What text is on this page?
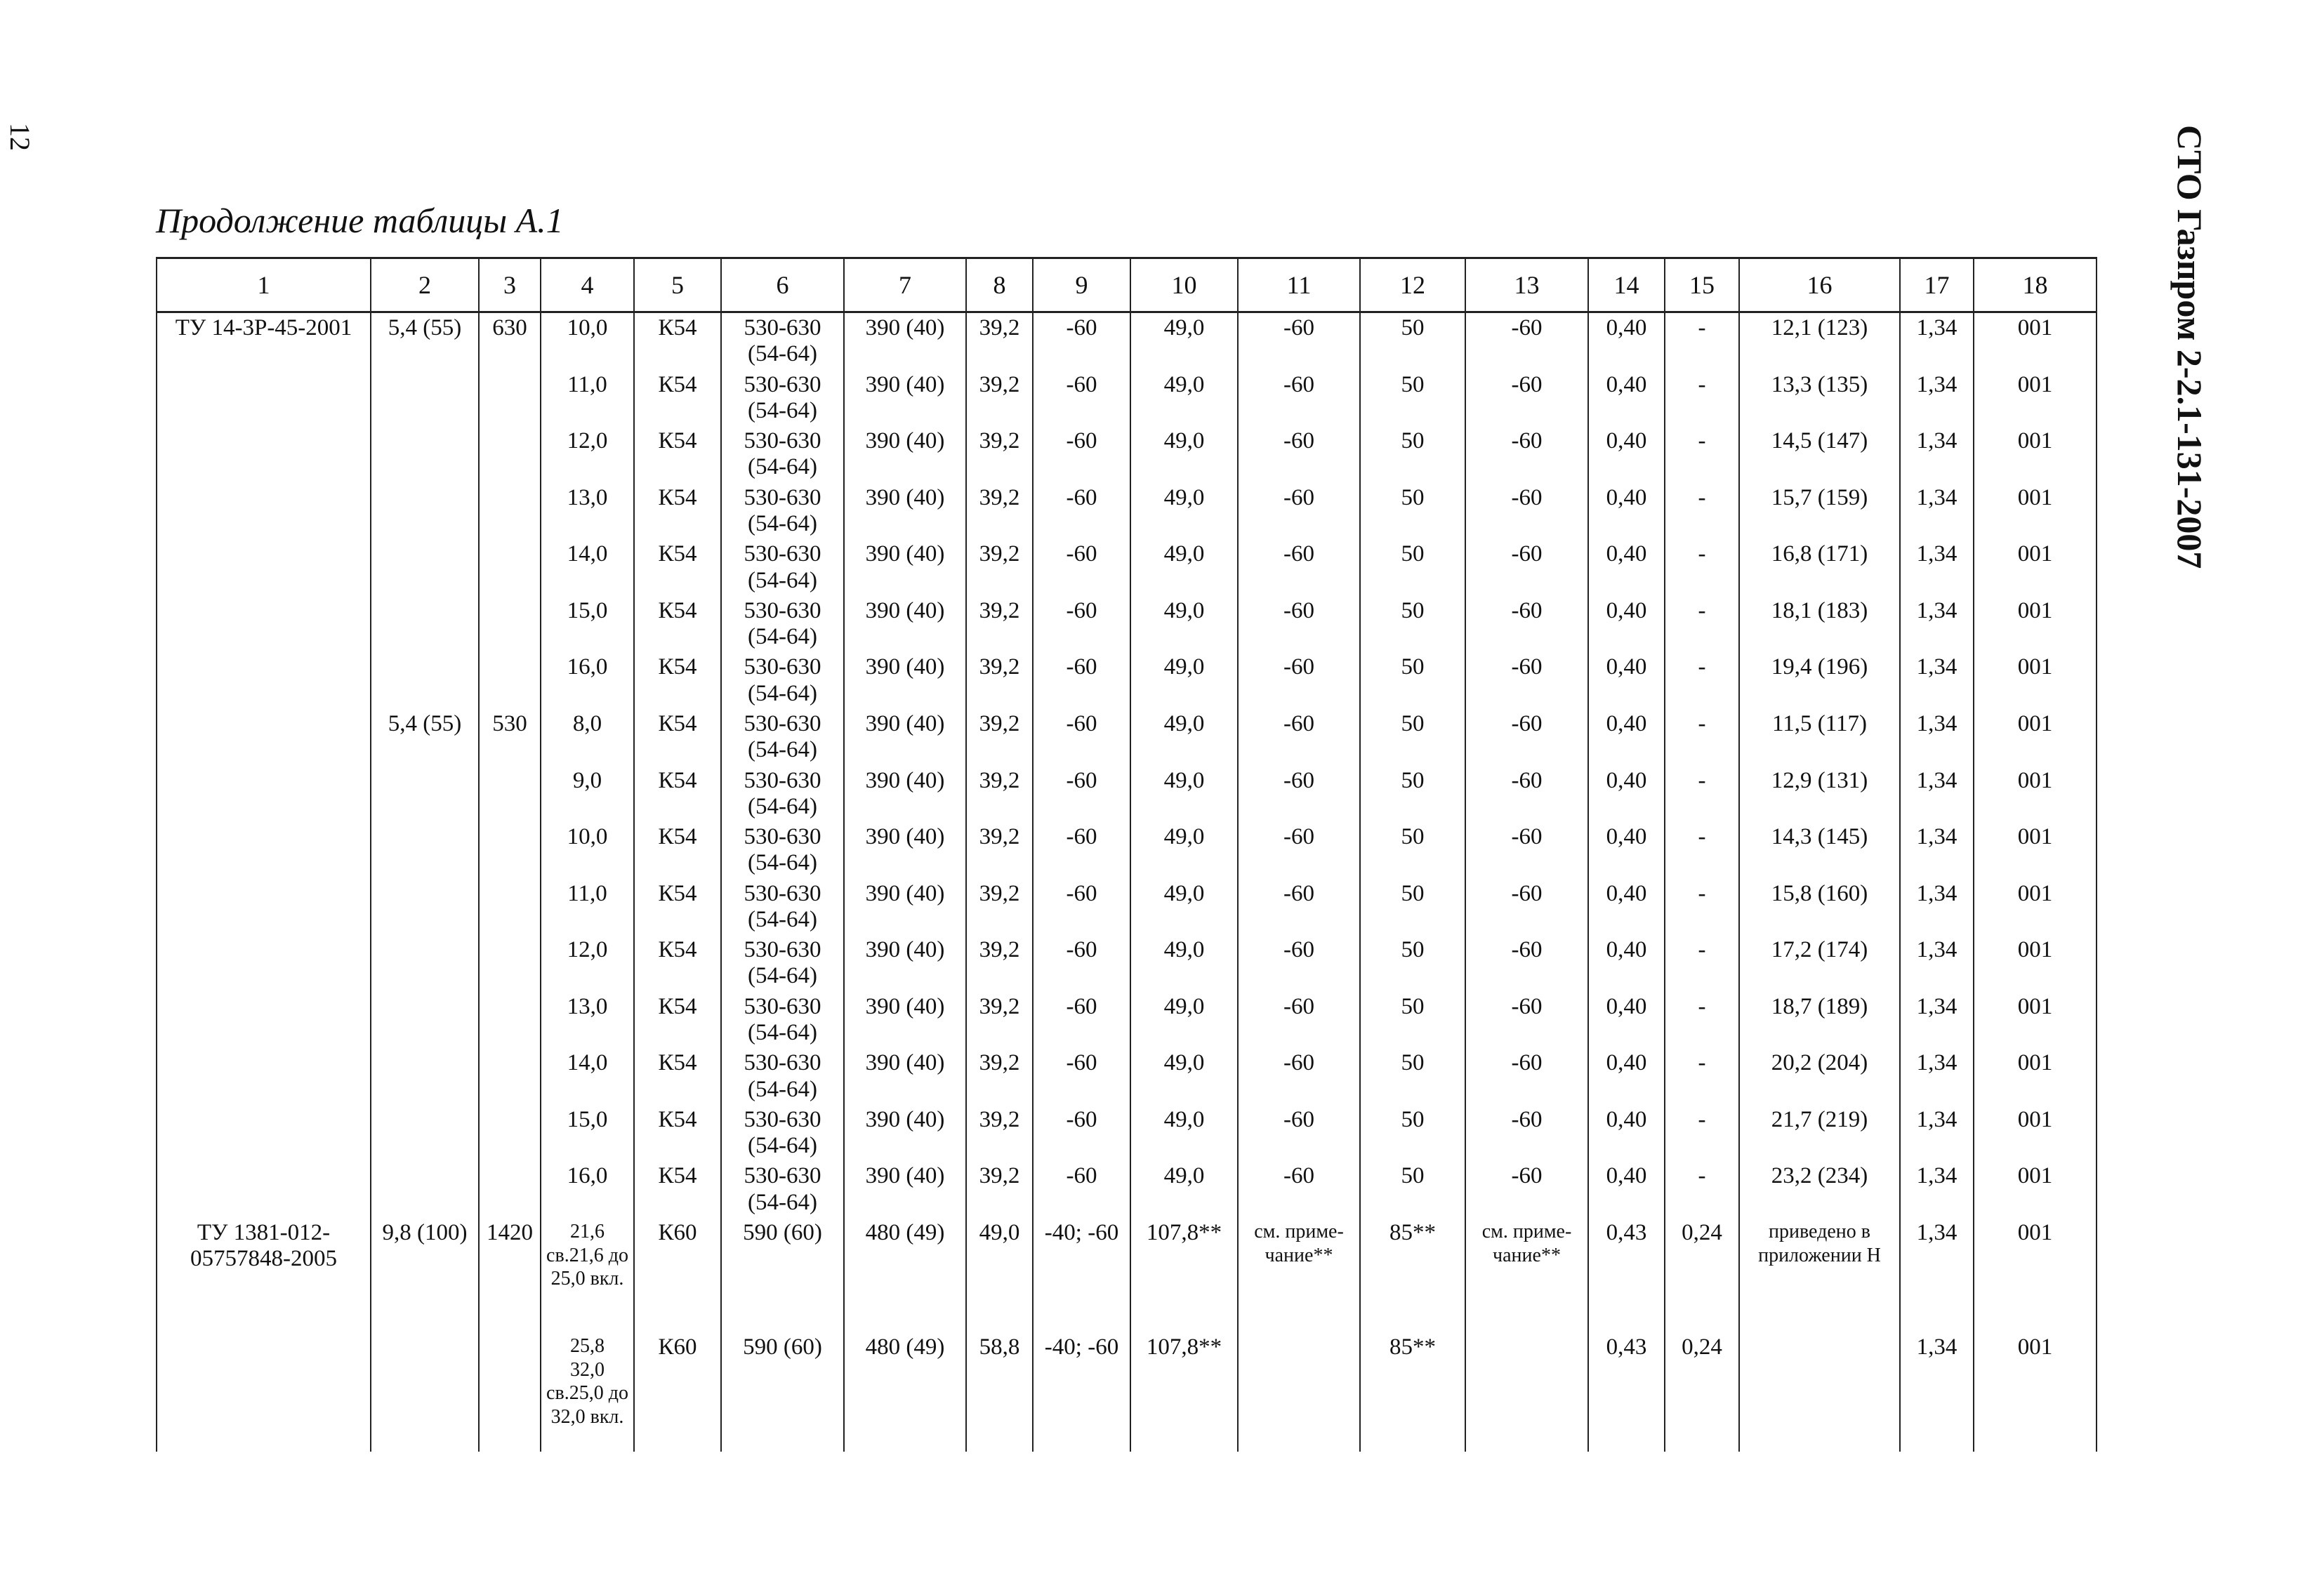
12	СТО Газпром 2-2.1-131-2007
Продолжение таблицы А.1
1	2	3	4	5	6	7	8	9	10	11	12	13	14	15	16	17	18
ТУ 14-3Р-45-2001	5,4 (55)	630	10,0	К54	530-630
(54-64)	390 (40)	39,2	-60	49,0	-60	50	-60	0,40	-	12,1 (123)	1,34	001
			11,0	К54	530-630
(54-64)	390 (40)	39,2	-60	49,0	-60	50	-60	0,40	-	13,3 (135)	1,34	001
			12,0	К54	530-630
(54-64)	390 (40)	39,2	-60	49,0	-60	50	-60	0,40	-	14,5 (147)	1,34	001
			13,0	К54	530-630
(54-64)	390 (40)	39,2	-60	49,0	-60	50	-60	0,40	-	15,7 (159)	1,34	001
			14,0	К54	530-630
(54-64)	390 (40)	39,2	-60	49,0	-60	50	-60	0,40	-	16,8 (171)	1,34	001
			15,0	К54	530-630
(54-64)	390 (40)	39,2	-60	49,0	-60	50	-60	0,40	-	18,1 (183)	1,34	001
			16,0	К54	530-630
(54-64)	390 (40)	39,2	-60	49,0	-60	50	-60	0,40	-	19,4 (196)	1,34	001
	5,4 (55)	530	8,0	К54	530-630
(54-64)	390 (40)	39,2	-60	49,0	-60	50	-60	0,40	-	11,5 (117)	1,34	001
			9,0	К54	530-630
(54-64)	390 (40)	39,2	-60	49,0	-60	50	-60	0,40	-	12,9 (131)	1,34	001
			10,0	К54	530-630
(54-64)	390 (40)	39,2	-60	49,0	-60	50	-60	0,40	-	14,3 (145)	1,34	001
			11,0	К54	530-630
(54-64)	390 (40)	39,2	-60	49,0	-60	50	-60	0,40	-	15,8 (160)	1,34	001
			12,0	К54	530-630
(54-64)	390 (40)	39,2	-60	49,0	-60	50	-60	0,40	-	17,2 (174)	1,34	001
			13,0	К54	530-630
(54-64)	390 (40)	39,2	-60	49,0	-60	50	-60	0,40	-	18,7 (189)	1,34	001
			14,0	К54	530-630
(54-64)	390 (40)	39,2	-60	49,0	-60	50	-60	0,40	-	20,2 (204)	1,34	001
			15,0	К54	530-630
(54-64)	390 (40)	39,2	-60	49,0	-60	50	-60	0,40	-	21,7 (219)	1,34	001
			16,0	К54	530-630
(54-64)	390 (40)	39,2	-60	49,0	-60	50	-60	0,40	-	23,2 (234)	1,34	001
ТУ 1381-012-
05757848-2005	9,8 (100)	1420	21,6
св.21,6 до
25,0 вкл.	К60	590 (60)	480 (49)	49,0	-40; -60	107,8**	см. приме-
чание**	85**	см. приме-
чание**	0,43	0,24	приведено в
приложении Н	1,34	001
			25,8
32,0
св.25,0 до
32,0 вкл.	К60	590 (60)	480 (49)	58,8	-40; -60	107,8**		85**		0,43	0,24		1,34	001
